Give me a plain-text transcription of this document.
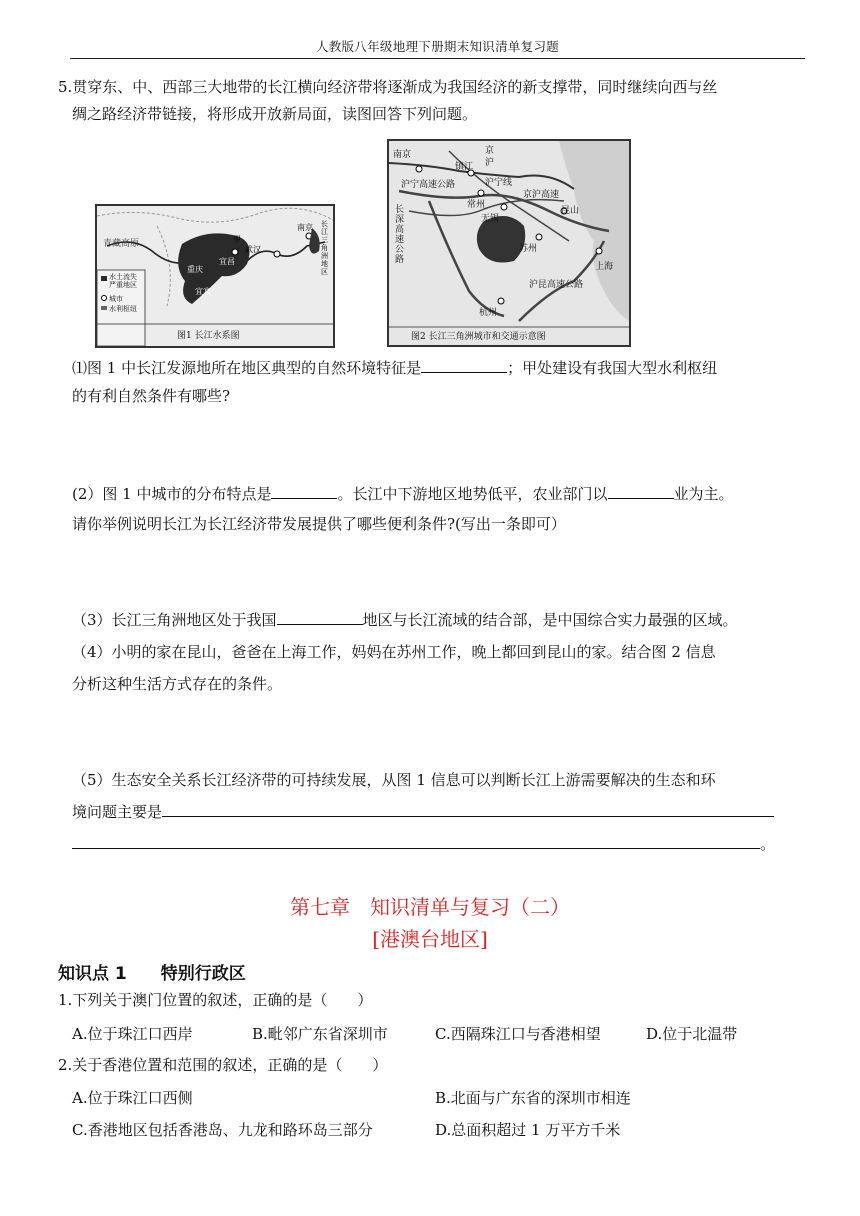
人教版八年级地理下册期末知识清单复习题
5.贯穿东、中、西部三大地带的长江横向经济带将逐渐成为我国经济的新支撑带，同时继续向西与丝
绸之路经济带链接，将形成开放新局面，读图回答下列问题。
青藏高原
宜昌
重庆
宜宾
武汉
南京
甲
长江三角洲地区
水土流失严重地区
城市
水利枢纽
图1 长江水系图
南京	京
沪
镇江
沪宁高速公路	沪宁线
常州
无锡
京沪高速
昆山
苏州
上海
杭州
长深高速公路
沪昆高速公路
图2 长江三角洲城市和交通示意图
⑴图 1 中长江发源地所在地区典型的自然环境特征是	；甲处建设有我国大型水利枢纽
的有利自然条件有哪些?
(2）图 1 中城市的分布特点是	。长江中下游地区地势低平，农业部门以	业为主。
请你举例说明长江为长江经济带发展提供了哪些便利条件?(写出一条即可）
（3）长江三角洲地区处于我国	地区与长江流域的结合部，是中国综合实力最强的区域。
（4）小明的家在昆山，爸爸在上海工作，妈妈在苏州工作，晚上都回到昆山的家。结合图 2 信息
分析这种生活方式存在的条件。
（5）生态安全关系长江经济带的可持续发展，从图 1 信息可以判断长江上游需要解决的生态和环
境问题主要是
。
第七章　知识清单与复习（二）
[港澳台地区]
知识点 1　　特别行政区
1.下列关于澳门位置的叙述，正确的是（　　）
A.位于珠江口西岸	B.毗邻广东省深圳市	C.西隔珠江口与香港相望	D.位于北温带
2.关于香港位置和范围的叙述，正确的是（　　）
A.位于珠江口西侧	B.北面与广东省的深圳市相连
C.香港地区包括香港岛、九龙和路环岛三部分	D.总面积超过 1 万平方千米
